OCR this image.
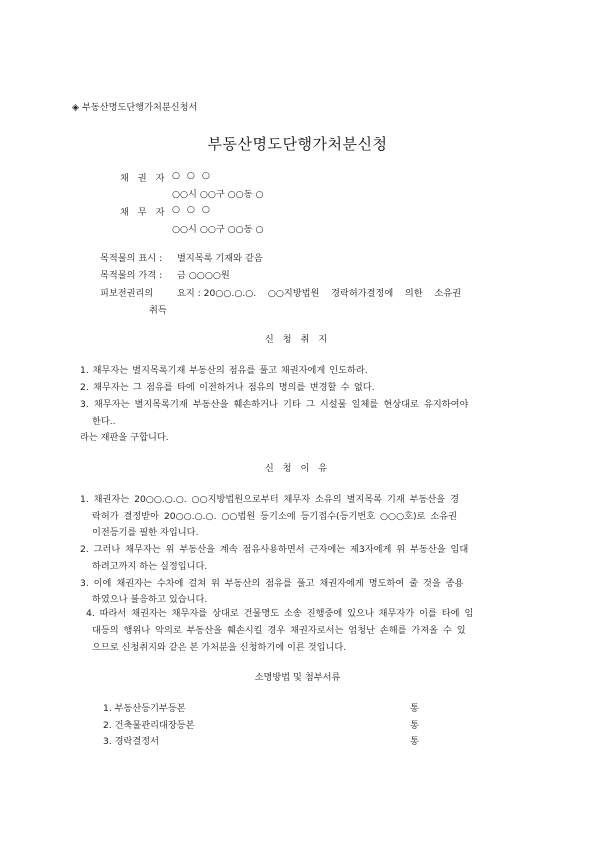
◈ 부동산명도단행가처분신청서
부동산명도단행가처분신청
채 권 자 ○ ○ ○
○○시 ○○구 ○○동 ○
채 무 자 ○ ○ ○
○○시 ○○구 ○○동 ○
목적물의 표시 : 별지목록 기재와 같음
목적물의 가격 : 금 ○○○○원
피보전권리의	요지 : 20○○.○.○.    ○○지방법원    경락허가결정에    의한    소유권
취득
신 청 취 지
1. 채무자는 별지목록기재 부동산의 점유를 풀고 채권자에게 인도하라.
2. 채무자는 그 점유를 타에 이전하거나 점유의 명의를 변경할 수 없다.
3. 채무자는 별지목록기재 부동산을 훼손하거나 기타 그 시설물 일체를 현상대로 유지하여야
한다..
라는 재판을 구합니다.
신 청 이 유
1. 채권자는 20○○.○.○. ○○지방법원으로부터 채무자 소유의 별지목록 기재 부동산을 경
락허가 결정받아 20○○.○.○. ○○법원 등기소에 등기접수(등기번호 ○○○호)로 소유권
이전등기를 필한 자입니다.
2. 그러나 채무자는 위 부동산을 계속 점유사용하면서 근자에는 제3자에게 위 부동산을 임대
하려고까지 하는 실정입니다.
3. 이에 채권자는 수차에 걸쳐 위 부동산의 점유를 풀고 채권자에게 명도하여 줄 것을 종용
하였으나 불응하고 있습니다.
4. 따라서 채권자는 채무자를 상대로 건물명도 소송 진행중에 있으나 채무자가 이를 타에 임
대등의 행위나 악의로 부동산을 훼손시킬 경우 채권자로서는 엄청난 손해를 가져올 수 있
으므로 신청취지와 같은 본 가처분을 신청하기에 이른 것입니다.
소명방법 및 첨부서류
1. 부동산등기부등본	통
2. 건축물관리대장등본	통
3. 경락결정서	통
